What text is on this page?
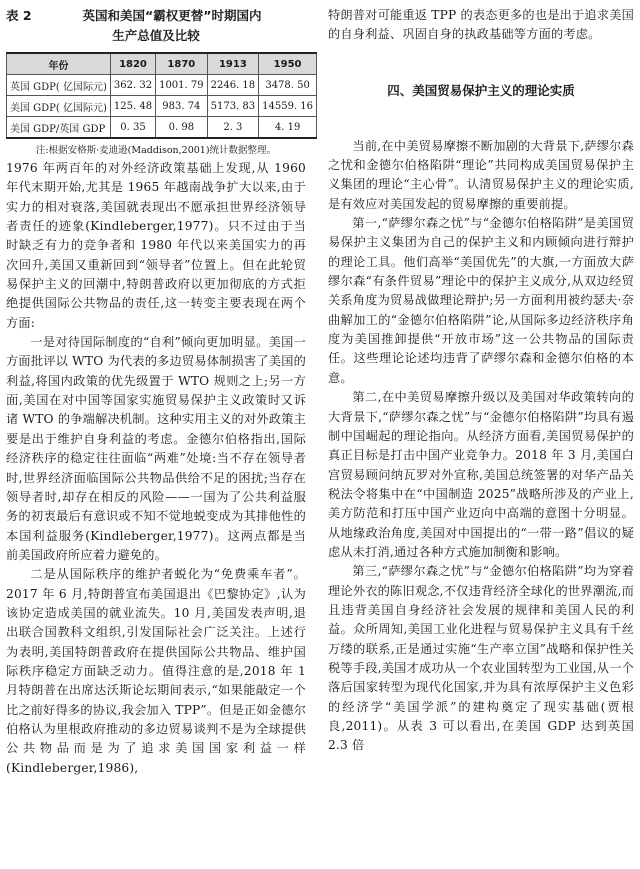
表 2	英国和美国“霸权更替”时期国内
生产总值及比较
年份	1820	1870	1913	1950
英国 GDP( 亿国际元)	362. 32	1001. 79	2246. 18	3478. 50
美国 GDP( 亿国际元)	125. 48	983. 74	5173. 83	14559. 16
美国 GDP/英国 GDP	0. 35	0. 98	2. 3	4. 19
注:根据安格斯·麦迪逊(Maddison,2001)统计数据整理。

1976 年两百年的对外经济政策基础上发现,从 1960 年代末期开始,尤其是 1965 年越南战争扩大以来,由于实力的相对衰落,美国就表现出不愿承担世界经济领导者责任的迹象(Kindleberger,1977)。只不过由于当时缺乏有力的竞争者和 1980 年代以来美国实力的再次回升,美国又重新回到“领导者”位置上。但在此轮贸易保护主义的回潮中,特朗普政府以更加彻底的方式拒绝提供国际公共物品的责任,这一转变主要表现在两个方面:

一是对待国际制度的“自利”倾向更加明显。美国一方面批评以 WTO 为代表的多边贸易体制损害了美国的利益,将国内政策的优先级置于 WTO 规则之上;另一方面,美国在对中国等国家实施贸易保护主义政策时又诉诸 WTO 的争端解决机制。这种实用主义的对外政策主要是出于维护自身利益的考虑。金德尔伯格指出,国际经济秩序的稳定往往面临“两难”处境:当不存在领导者时,世界经济面临国际公共物品供给不足的困扰;当存在领导者时,却存在相反的风险——一国为了公共利益服务的初衷最后有意识或不知不觉地蜕变成为其排他性的本国利益服务(Kindleberger,1977)。这两点都是当前美国政府所应着力避免的。

二是从国际秩序的维护者蜕化为“免费乘车者”。2017 年 6 月,特朗普宣布美国退出《巴黎协定》,认为该协定造成美国的就业流失。10 月,美国发表声明,退出联合国教科文组织,引发国际社会广泛关注。上述行为表明,美国特朗普政府在提供国际公共物品、维护国际秩序稳定方面缺乏动力。值得注意的是,2018 年 1 月特朗普在出席达沃斯论坛期间表示,“如果能敲定一个比之前好得多的协议,我会加入 TPP”。但是正如金德尔伯格认为里根政府推动的多边贸易谈判不是为全球提供公共物品而是为了追求美国国家利益一样(Kindleberger,1986),

特朗普对可能重返 TPP 的表态更多的也是出于追求美国的自身利益、巩固自身的执政基础等方面的考虑。

四、美国贸易保护主义的理论实质

当前,在中美贸易摩擦不断加剧的大背景下,萨缪尔森之忧和金德尔伯格陷阱“理论”共同构成美国贸易保护主义集团的理论“主心骨”。认清贸易保护主义的理论实质,是有效应对美国发起的贸易摩擦的重要前提。

第一,“萨缪尔森之忧”与“金德尔伯格陷阱”是美国贸易保护主义集团为自己的保护主义和内顾倾向进行辩护的理论工具。他们高举“美国优先”的大旗,一方面放大萨缪尔森“有条件贸易”理论中的保护主义成分,从双边经贸关系角度为贸易战做理论辩护;另一方面利用被约瑟夫·奈曲解加工的“金德尔伯格陷阱”论,从国际多边经济秩序角度为美国推卸提供“开放市场”这一公共物品的国际责任。这些理论论述均违背了萨缪尔森和金德尔伯格的本意。

第二,在中美贸易摩擦升级以及美国对华政策转向的大背景下,“萨缪尔森之忧”与“金德尔伯格陷阱”均具有遏制中国崛起的理论指向。从经济方面看,美国贸易保护的真正目标是打击中国产业竞争力。2018 年 3 月,美国白宫贸易顾问纳瓦罗对外宣称,美国总统签署的对华产品关税法令将集中在“中国制造 2025”战略所涉及的产业上,美方防范和打压中国产业迈向中高端的意图十分明显。从地缘政治角度,美国对中国提出的“一带一路”倡议的疑虑从未打消,通过各种方式施加制衡和影响。

第三,“萨缪尔森之忧”与“金德尔伯格陷阱”均为穿着理论外衣的陈旧观念,不仅违背经济全球化的世界潮流,而且违背美国自身经济社会发展的规律和美国人民的利益。众所周知,美国工业化进程与贸易保护主义具有千丝万缕的联系,正是通过实施“生产率立国”战略和保护性关税等手段,美国才成功从一个农业国转型为工业国,从一个落后国家转型为现代化国家,并为具有浓厚保护主义色彩的经济学“美国学派”的建构奠定了现实基础(贾根良,2011)。从表 3 可以看出,在美国 GDP 达到英国 2.3 倍
